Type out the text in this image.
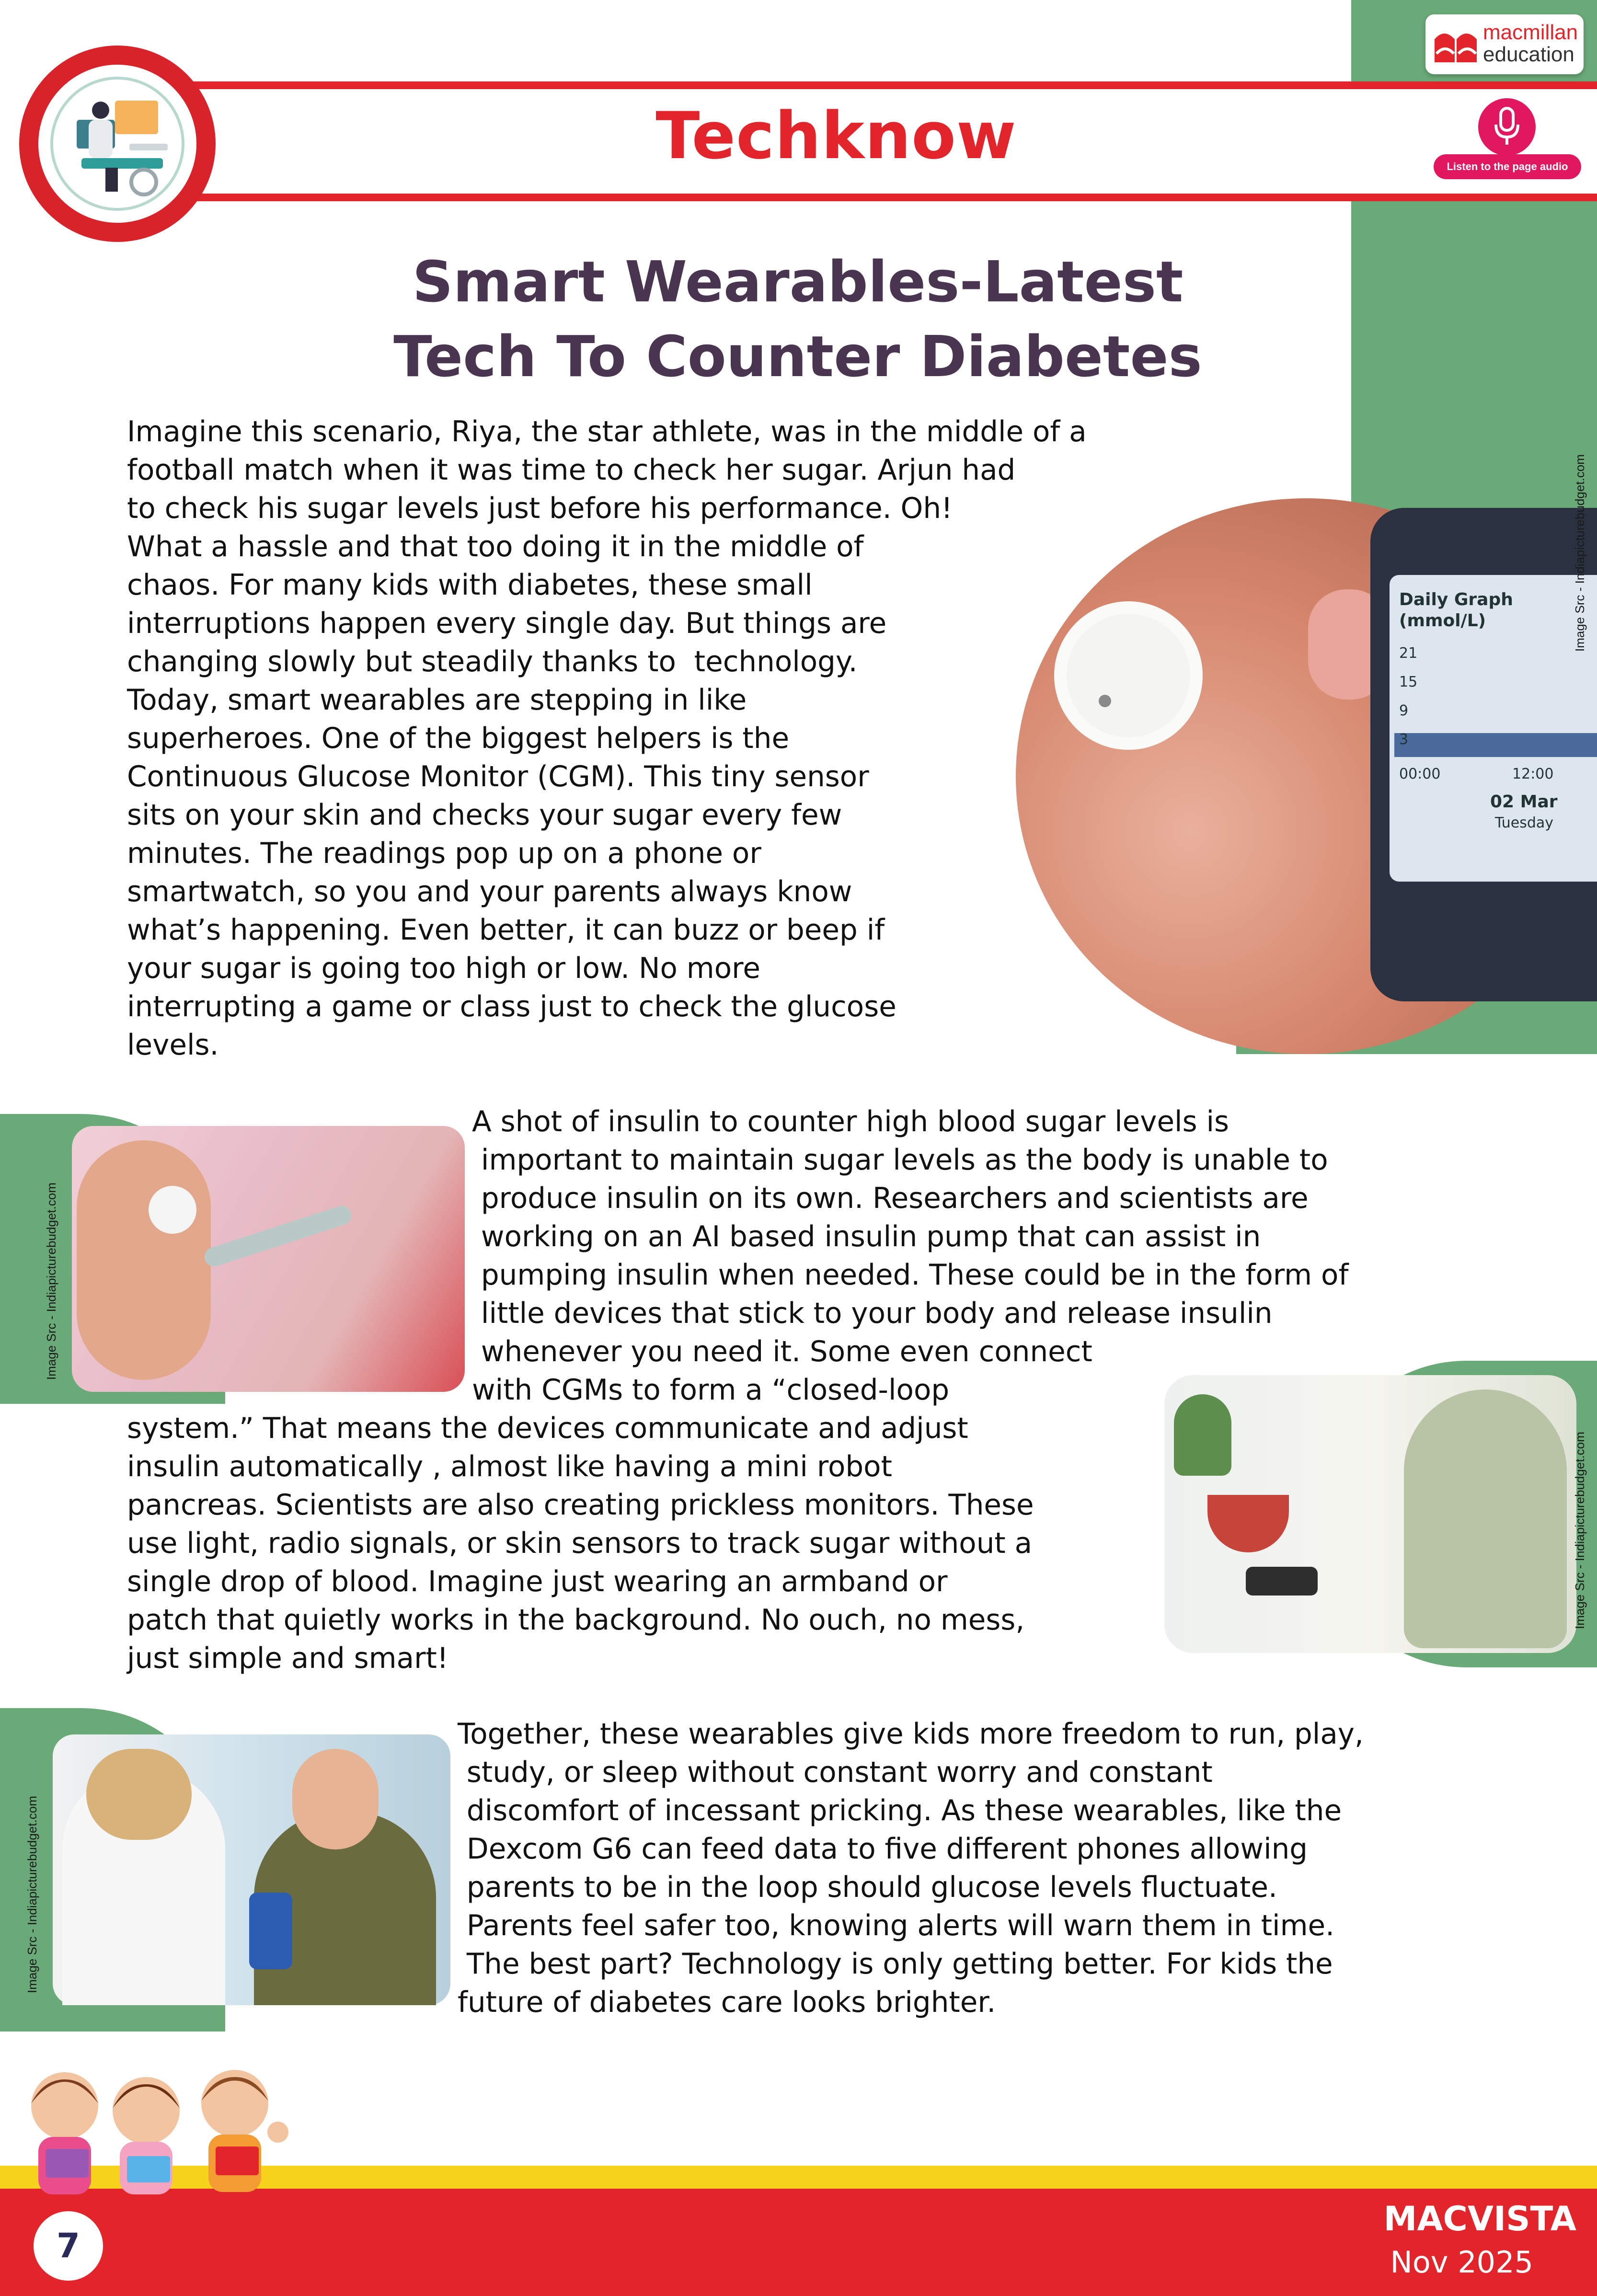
Techknow
macmillan
education
Listen to the page audio
Smart Wearables-Latest
Tech To Counter Diabetes
Daily Graph
(mmol/L)
21
15
9
3
00:00	12:00
02 Mar
Tuesday
Image Src - Indiapicturebudget.com
Imagine this scenario, Riya, the star athlete, was in the middle of a
football match when it was time to check her sugar. Arjun had
to check his sugar levels just before his performance. Oh!
What a hassle and that too doing it in the middle of
chaos. For many kids with diabetes, these small
interruptions happen every single day. But things are
changing slowly but steadily thanks to  technology.
Today, smart wearables are stepping in like
superheroes. One of the biggest helpers is the
Continuous Glucose Monitor (CGM). This tiny sensor
sits on your skin and checks your sugar every few
minutes. The readings pop up on a phone or
smartwatch, so you and your parents always know
what’s happening. Even better, it can buzz or beep if
your sugar is going too high or low. No more
interrupting a game or class just to check the glucose
levels.
Image Src - Indiapicturebudget.com
A shot of insulin to counter high blood sugar levels is
important to maintain sugar levels as the body is unable to
produce insulin on its own. Researchers and scientists are
working on an AI based insulin pump that can assist in
pumping insulin when needed. These could be in the form of
little devices that stick to your body and release insulin
whenever you need it. Some even connect
with CGMs to form a “closed-loop
system.” That means the devices communicate and adjust
insulin automatically , almost like having a mini robot
pancreas. Scientists are also creating prickless monitors. These
use light, radio signals, or skin sensors to track sugar without a
single drop of blood. Imagine just wearing an armband or
patch that quietly works in the background. No ouch, no mess,
just simple and smart!
Image Src - Indiapicturebudget.com
Image Src - Indiapicturebudget.com
Together, these wearables give kids more freedom to run, play,
study, or sleep without constant worry and constant
discomfort of incessant pricking. As these wearables, like the
Dexcom G6 can feed data to five different phones allowing
parents to be in the loop should glucose levels fluctuate.
Parents feel safer too, knowing alerts will warn them in time.
The best part? Technology is only getting better. For kids the
future of diabetes care looks brighter.
7
MACVISTA
Nov 2025
